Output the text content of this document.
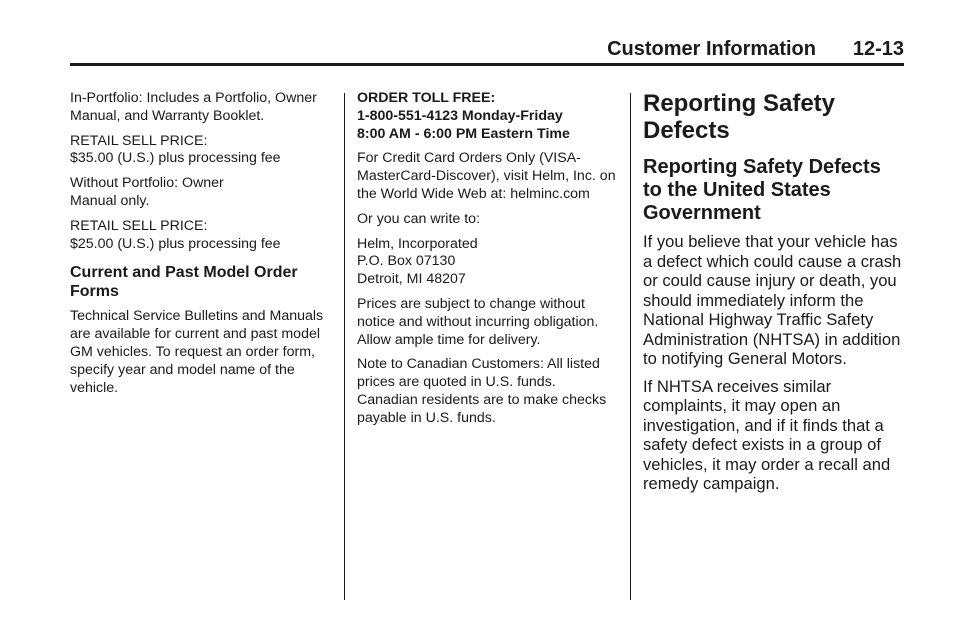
Customer Information 12-13

In-Portfolio: Includes a Portfolio, Owner Manual, and Warranty Booklet.

RETAIL SELL PRICE:
$35.00 (U.S.) plus processing fee

Without Portfolio: Owner
Manual only.

RETAIL SELL PRICE:
$25.00 (U.S.) plus processing fee

Current and Past Model Order Forms

Technical Service Bulletins and Manuals are available for current and past model GM vehicles. To request an order form, specify year and model name of the vehicle.

ORDER TOLL FREE:
1-800-551-4123 Monday-Friday
8:00 AM - 6:00 PM Eastern Time

For Credit Card Orders Only (VISA-MasterCard-Discover), visit Helm, Inc. on the World Wide Web at: helminc.com

Or you can write to:

Helm, Incorporated
P.O. Box 07130
Detroit, MI 48207

Prices are subject to change without notice and without incurring obligation. Allow ample time for delivery.

Note to Canadian Customers: All listed prices are quoted in U.S. funds. Canadian residents are to make checks payable in U.S. funds.

Reporting Safety Defects
Reporting Safety Defects to the United States Government

If you believe that your vehicle has a defect which could cause a crash or could cause injury or death, you should immediately inform the National Highway Traffic Safety Administration (NHTSA) in addition to notifying General Motors.

If NHTSA receives similar complaints, it may open an investigation, and if it finds that a safety defect exists in a group of vehicles, it may order a recall and remedy campaign.
